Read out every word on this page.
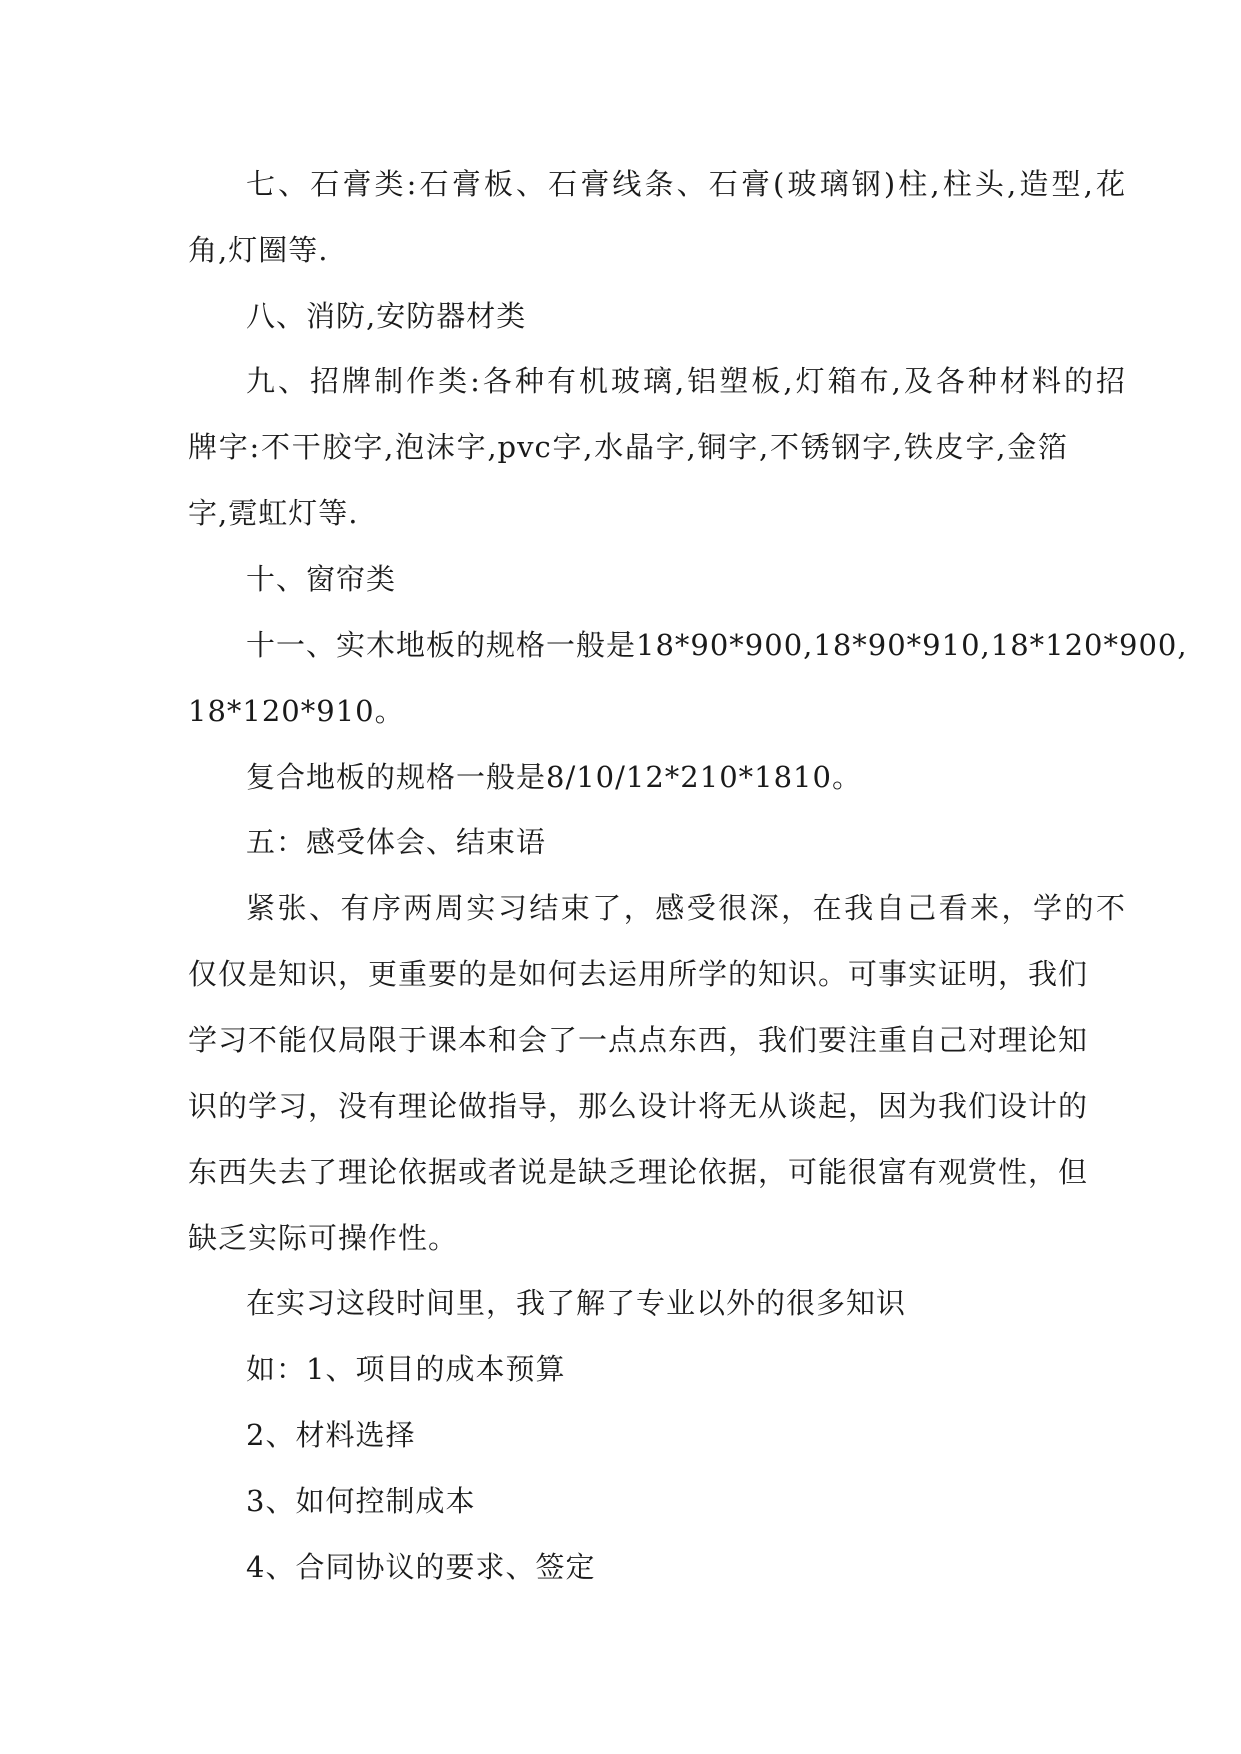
七、石膏类:石膏板、石膏线条、石膏(玻璃钢)柱,柱头,造型,花
角,灯圈等.
八、消防,安防器材类
九、招牌制作类:各种有机玻璃,铝塑板,灯箱布,及各种材料的招
牌字:不干胶字,泡沫字,pvc字,水晶字,铜字,不锈钢字,铁皮字,金箔
字,霓虹灯等.
十、窗帘类
十一、实木地板的规格一般是18*90*900,18*90*910,18*120*900,
18*120*910。
复合地板的规格一般是8/10/12*210*1810。
五：感受体会、结束语
紧张、有序两周实习结束了，感受很深，在我自己看来，学的不
仅仅是知识，更重要的是如何去运用所学的知识。可事实证明，我们
学习不能仅局限于课本和会了一点点东西，我们要注重自己对理论知
识的学习，没有理论做指导，那么设计将无从谈起，因为我们设计的
东西失去了理论依据或者说是缺乏理论依据，可能很富有观赏性，但
缺乏实际可操作性。
在实习这段时间里，我了解了专业以外的很多知识
如：1、项目的成本预算
2、材料选择
3、如何控制成本
4、合同协议的要求、签定
